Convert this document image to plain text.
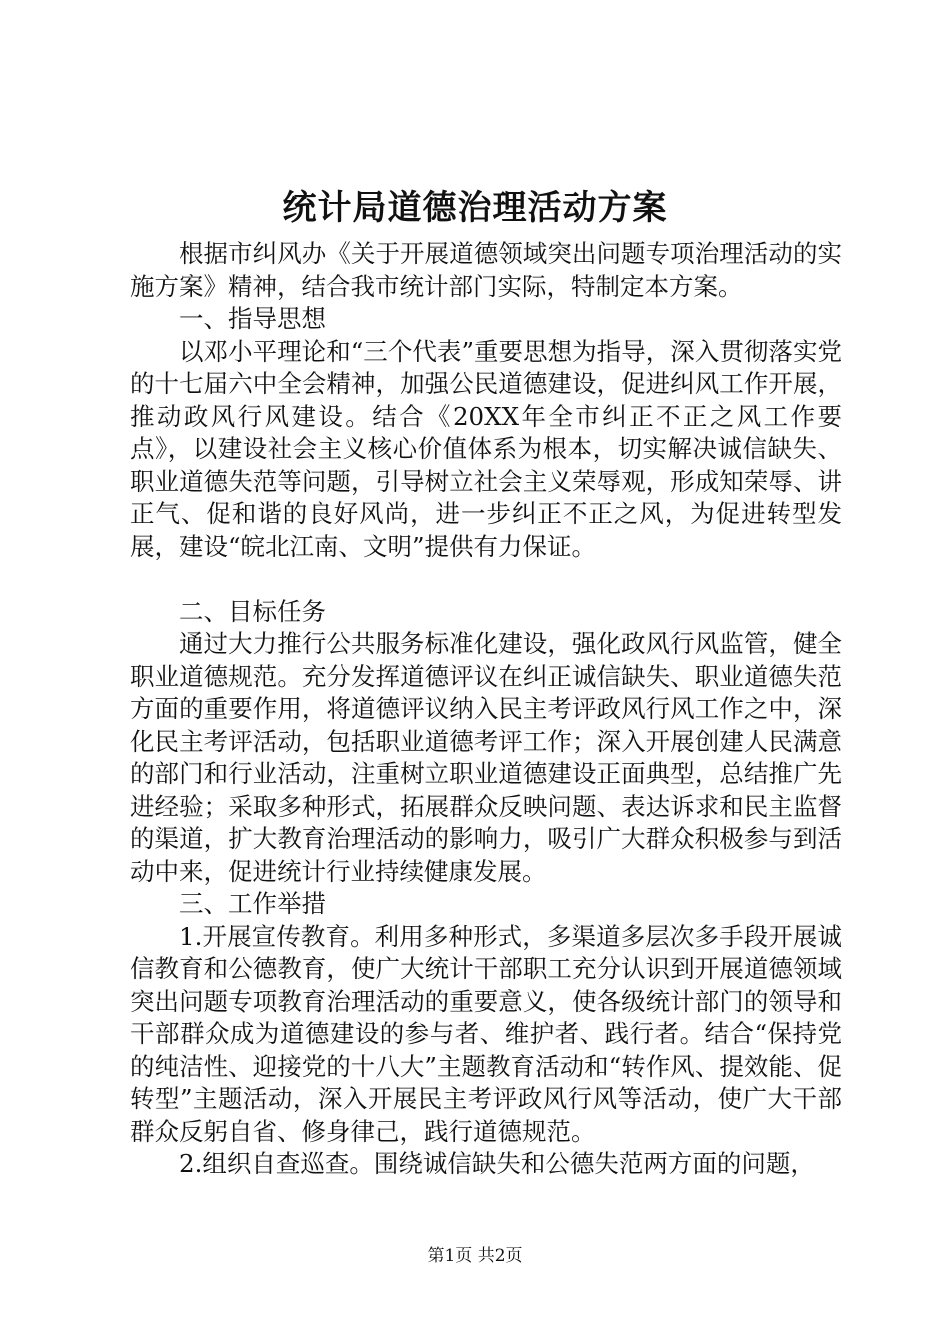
统计局道德治理活动方案

根据市纠风办《关于开展道德领域突出问题专项治理活动的实施方案》精神，结合我市统计部门实际，特制定本方案。

一、指导思想

以邓小平理论和“三个代表”重要思想为指导，深入贯彻落实党的十七届六中全会精神，加强公民道德建设，促进纠风工作开展，推动政风行风建设。结合《20XX年全市纠正不正之风工作要点》，以建设社会主义核心价值体系为根本，切实解决诚信缺失、职业道德失范等问题，引导树立社会主义荣辱观，形成知荣辱、讲正气、促和谐的良好风尚，进一步纠正不正之风，为促进转型发展，建设“皖北江南、文明”提供有力保证。

二、目标任务

通过大力推行公共服务标准化建设，强化政风行风监管，健全职业道德规范。充分发挥道德评议在纠正诚信缺失、职业道德失范方面的重要作用，将道德评议纳入民主考评政风行风工作之中，深化民主考评活动，包括职业道德考评工作；深入开展创建人民满意的部门和行业活动，注重树立职业道德建设正面典型，总结推广先进经验；采取多种形式，拓展群众反映问题、表达诉求和民主监督的渠道，扩大教育治理活动的影响力，吸引广大群众积极参与到活动中来，促进统计行业持续健康发展。

三、工作举措

1.开展宣传教育。利用多种形式，多渠道多层次多手段开展诚信教育和公德教育，使广大统计干部职工充分认识到开展道德领域突出问题专项教育治理活动的重要意义，使各级统计部门的领导和干部群众成为道德建设的参与者、维护者、践行者。结合“保持党的纯洁性、迎接党的十八大”主题教育活动和“转作风、提效能、促转型”主题活动，深入开展民主考评政风行风等活动，使广大干部群众反躬自省、修身律己，践行道德规范。

2.组织自查巡查。围绕诚信缺失和公德失范两方面的问题，

第1页 共2页
